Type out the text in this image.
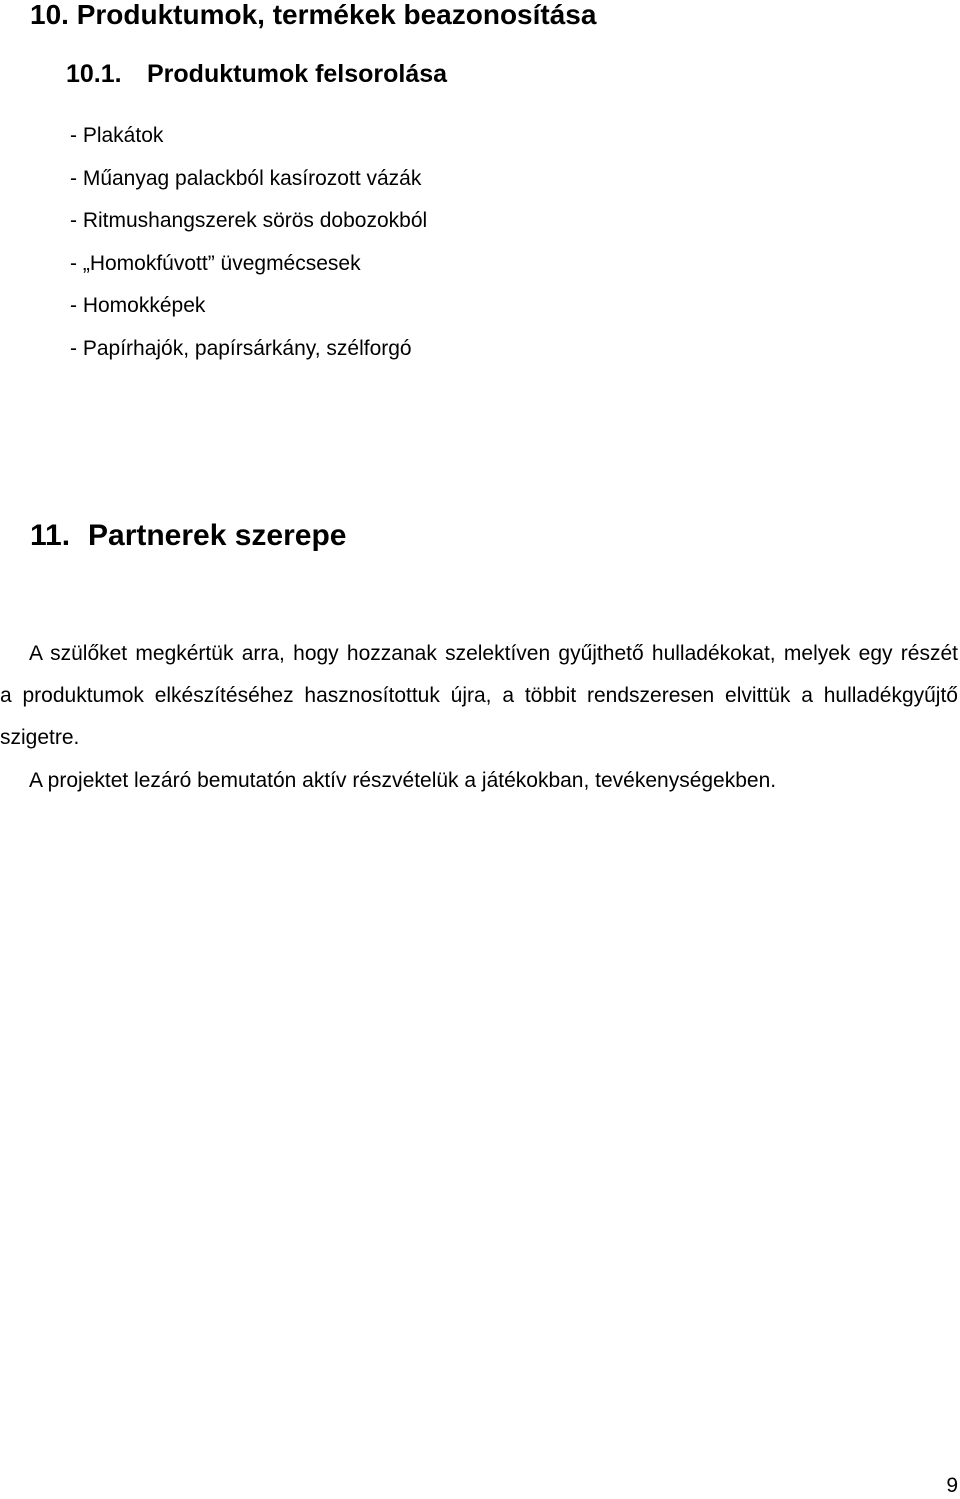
10. Produktumok, termékek beazonosítása
10.1. Produktumok felsorolása
- Plakátok
- Műanyag palackból kasírozott vázák
- Ritmushangszerek sörös dobozokból
- „Homokfúvott” üvegmécsesek
- Homokképek
- Papírhajók, papírsárkány, szélforgó
11. Partnerek szerepe

A szülőket megkértük arra, hogy hozzanak szelektíven gyűjthető hulladékokat, melyek egy részét a produktumok elkészítéséhez hasznosítottuk újra, a többit rendszeresen elvittük a hulladékgyűjtő szigetre.

A projektet lezáró bemutatón aktív részvételük a játékokban, tevékenységekben.

9
